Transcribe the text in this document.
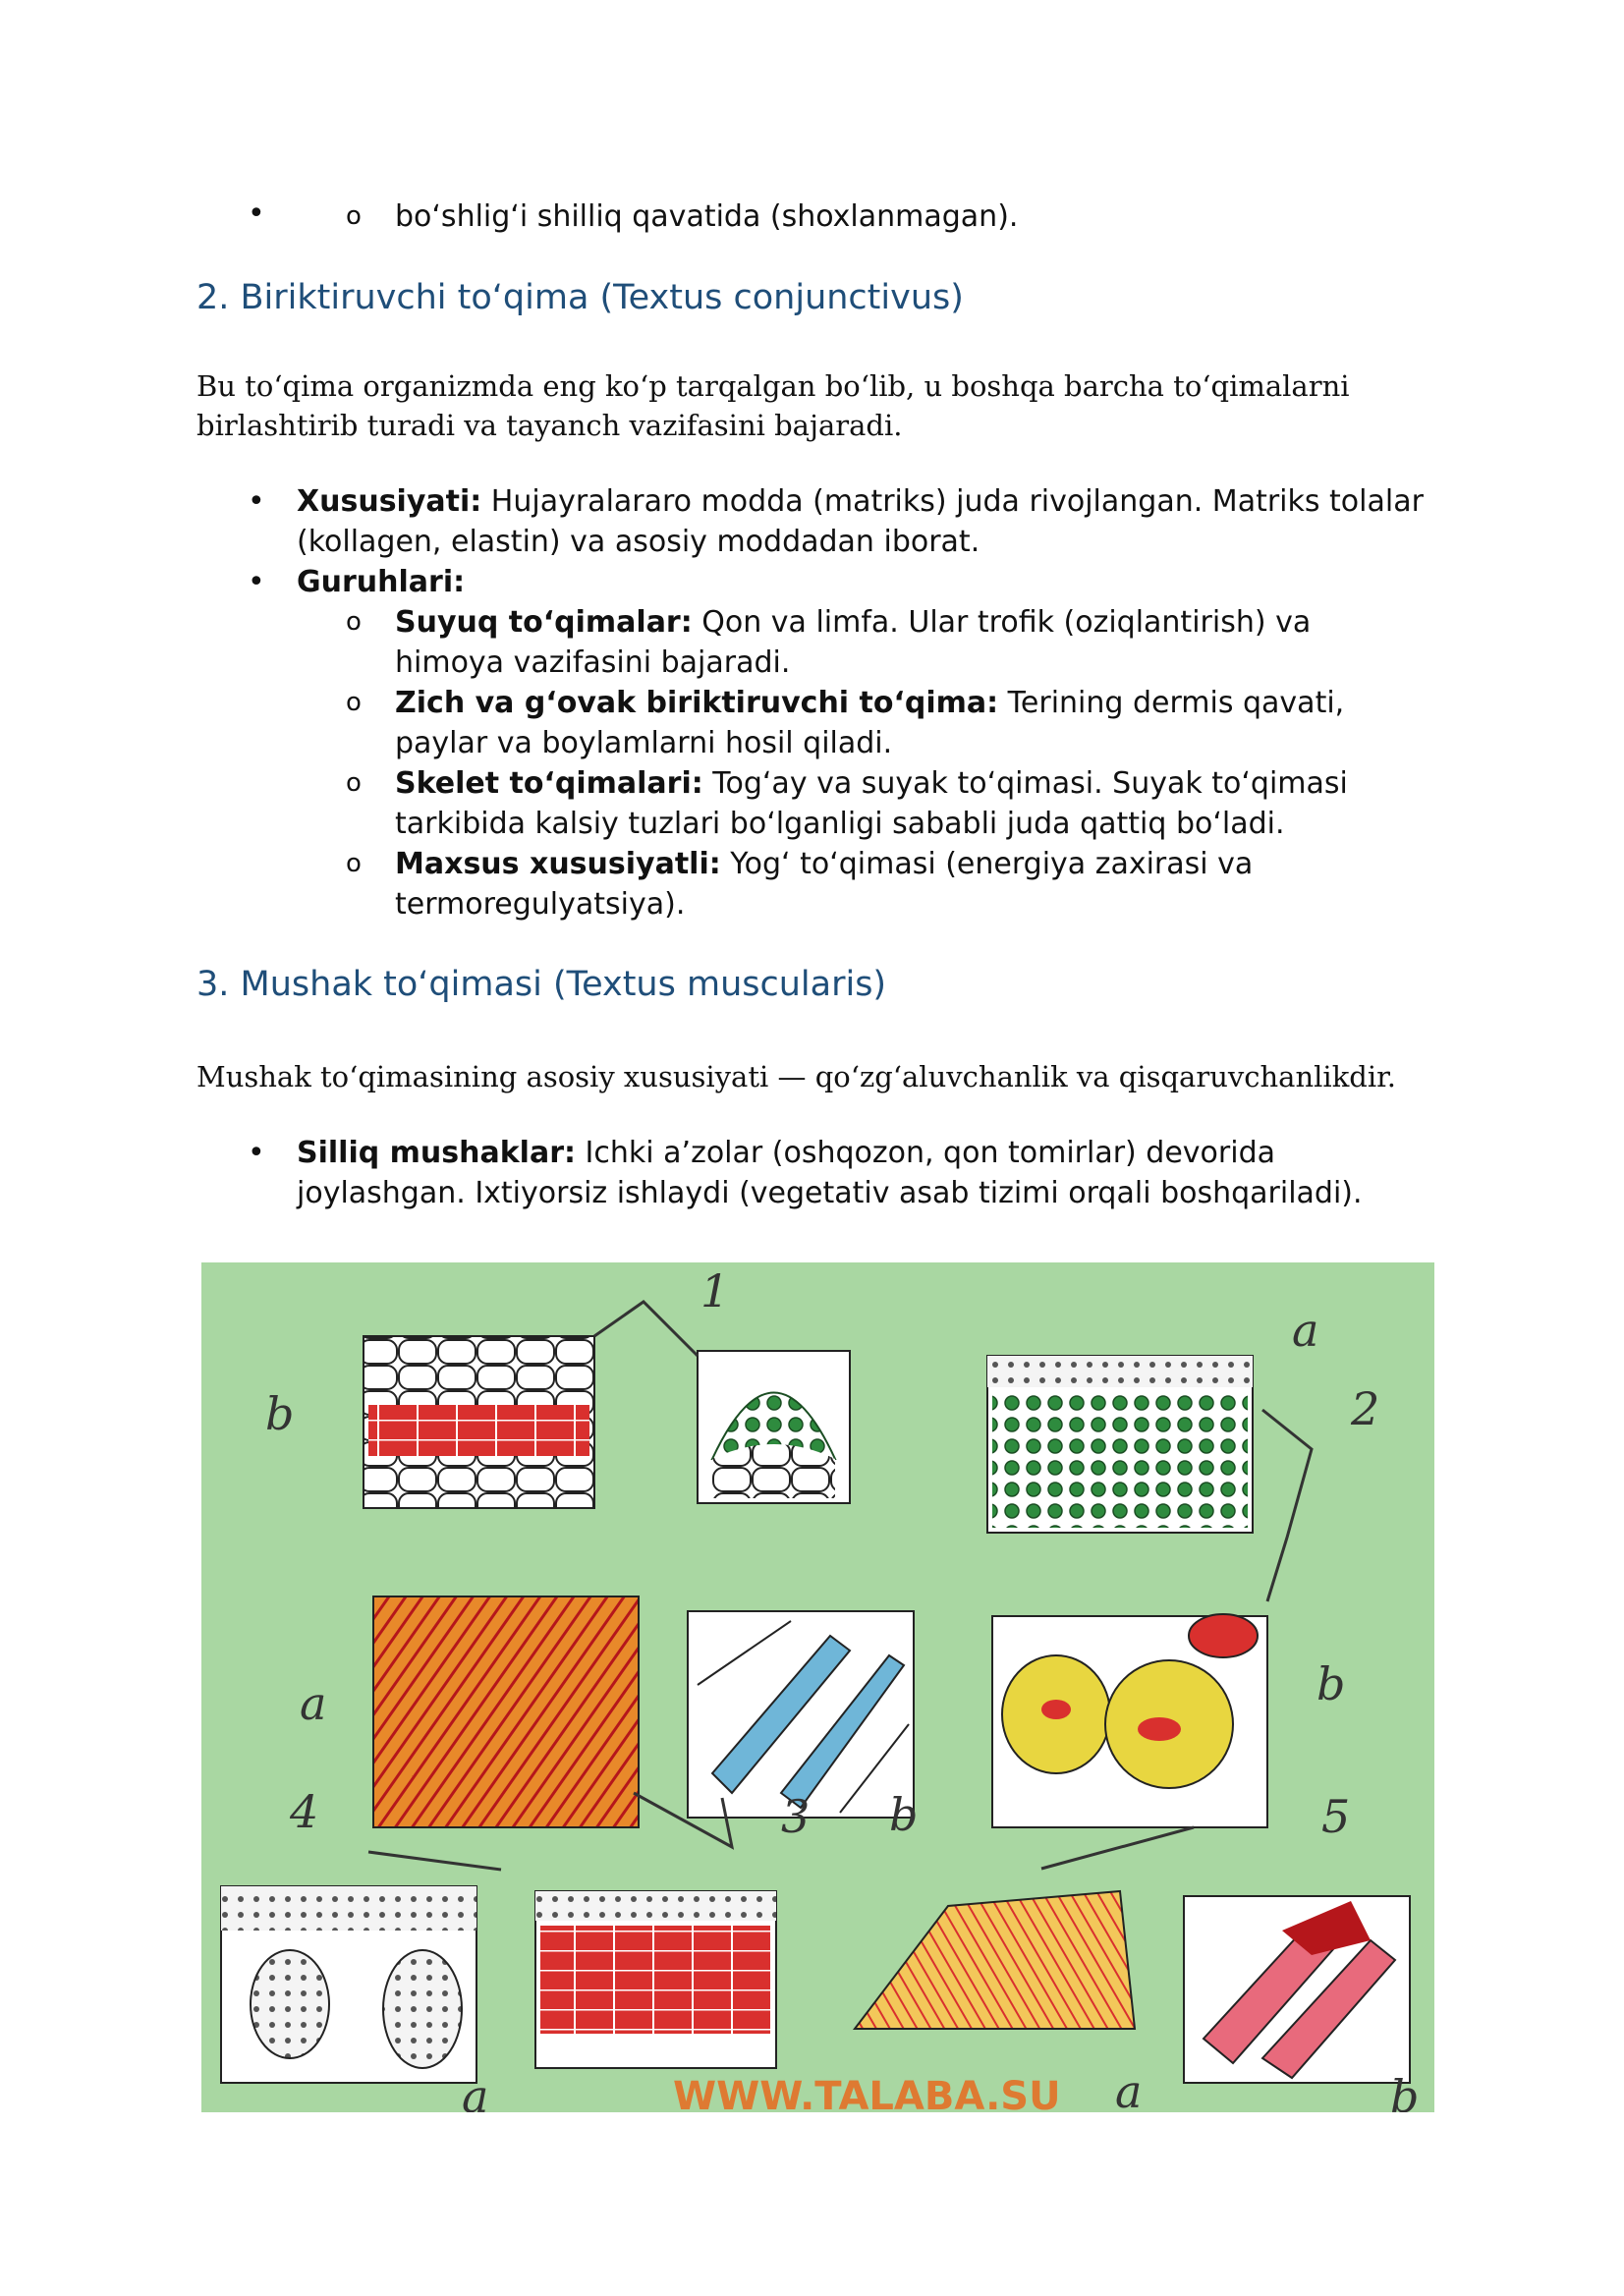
o • bo‘shlig‘i shilliq qavatida (shoxlanmagan).
2. Biriktiruvchi to‘qima (Textus conjunctivus)

Bu to‘qima organizmda eng ko‘p tarqalgan bo‘lib, u boshqa barcha to‘qimalarni birlashtirib turadi va tayanch vazifasini bajaradi.

• Xususiyati: Hujayralararo modda (matriks) juda rivojlangan. Matriks tolalar (kollagen, elastin) va asosiy moddadan iborat.
• Guruhlari:
o Suyuq to‘qimalar: Qon va limfa. Ular trofik (oziqlantirish) va himoya vazifasini bajaradi.
o Zich va g‘ovak biriktiruvchi to‘qima: Terining dermis qavati, paylar va boylamlarni hosil qiladi.
o Skelet to‘qimalari: Tog‘ay va suyak to‘qimasi. Suyak to‘qimasi tarkibida kalsiy tuzlari bo‘lganligi sababli juda qattiq bo‘ladi.
o Maxsus xususiyatli: Yog‘ to‘qimasi (energiya zaxirasi va termoregulyatsiya).
3. Mushak to‘qimasi (Textus muscularis)

Mushak to‘qimasining asosiy xususiyati — qo‘zg‘aluvchanlik va qisqaruvchanlikdir.

• Silliq mushaklar: Ichki a’zolar (oshqozon, qon tomirlar) devorida joylashgan. Ixtiyorsiz ishlaydi (vegetativ asab tizimi orqali boshqariladi).
1
2
3
4	5
b
a
a	b
b
a	a	b
WWW.TALABA.SU
